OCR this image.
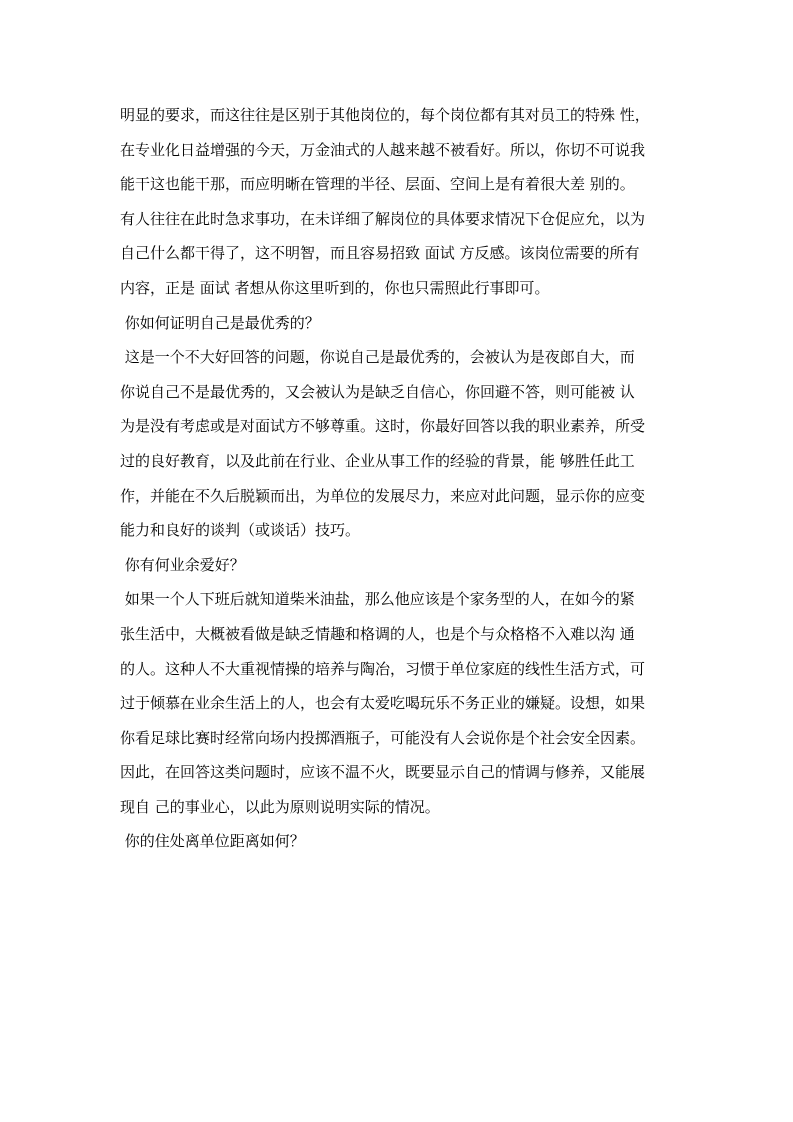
明显的要求，而这往往是区别于其他岗位的，每个岗位都有其对员工的特殊 性，
在专业化日益增强的今天，万金油式的人越来越不被看好。所以，你切不可说我
能干这也能干那，而应明晰在管理的半径、层面、空间上是有着很大差 别的。
有人往往在此时急求事功，在未详细了解岗位的具体要求情况下仓促应允，以为
自己什么都干得了，这不明智，而且容易招致 面试 方反感。该岗位需要的所有
内容，正是 面试 者想从你这里听到的，你也只需照此行事即可。
你如何证明自己是最优秀的？
这是一个不大好回答的问题，你说自己是最优秀的，会被认为是夜郎自大，而
你说自己不是最优秀的，又会被认为是缺乏自信心，你回避不答，则可能被 认
为是没有考虑或是对面试方不够尊重。这时，你最好回答以我的职业素养，所受
过的良好教育，以及此前在行业、企业从事工作的经验的背景，能 够胜任此工
作，并能在不久后脱颖而出，为单位的发展尽力，来应对此问题，显示你的应变
能力和良好的谈判（或谈话）技巧。
你有何业余爱好？
如果一个人下班后就知道柴米油盐，那么他应该是个家务型的人，在如今的紧
张生活中，大概被看做是缺乏情趣和格调的人，也是个与众格格不入难以沟 通
的人。这种人不大重视情操的培养与陶冶，习惯于单位家庭的线性生活方式，可
过于倾慕在业余生活上的人，也会有太爱吃喝玩乐不务正业的嫌疑。设想，如果
你看足球比赛时经常向场内投掷酒瓶子，可能没有人会说你是个社会安全因素。
因此，在回答这类问题时，应该不温不火，既要显示自己的情调与修养，又能展
现自 己的事业心，以此为原则说明实际的情况。
你的住处离单位距离如何？
